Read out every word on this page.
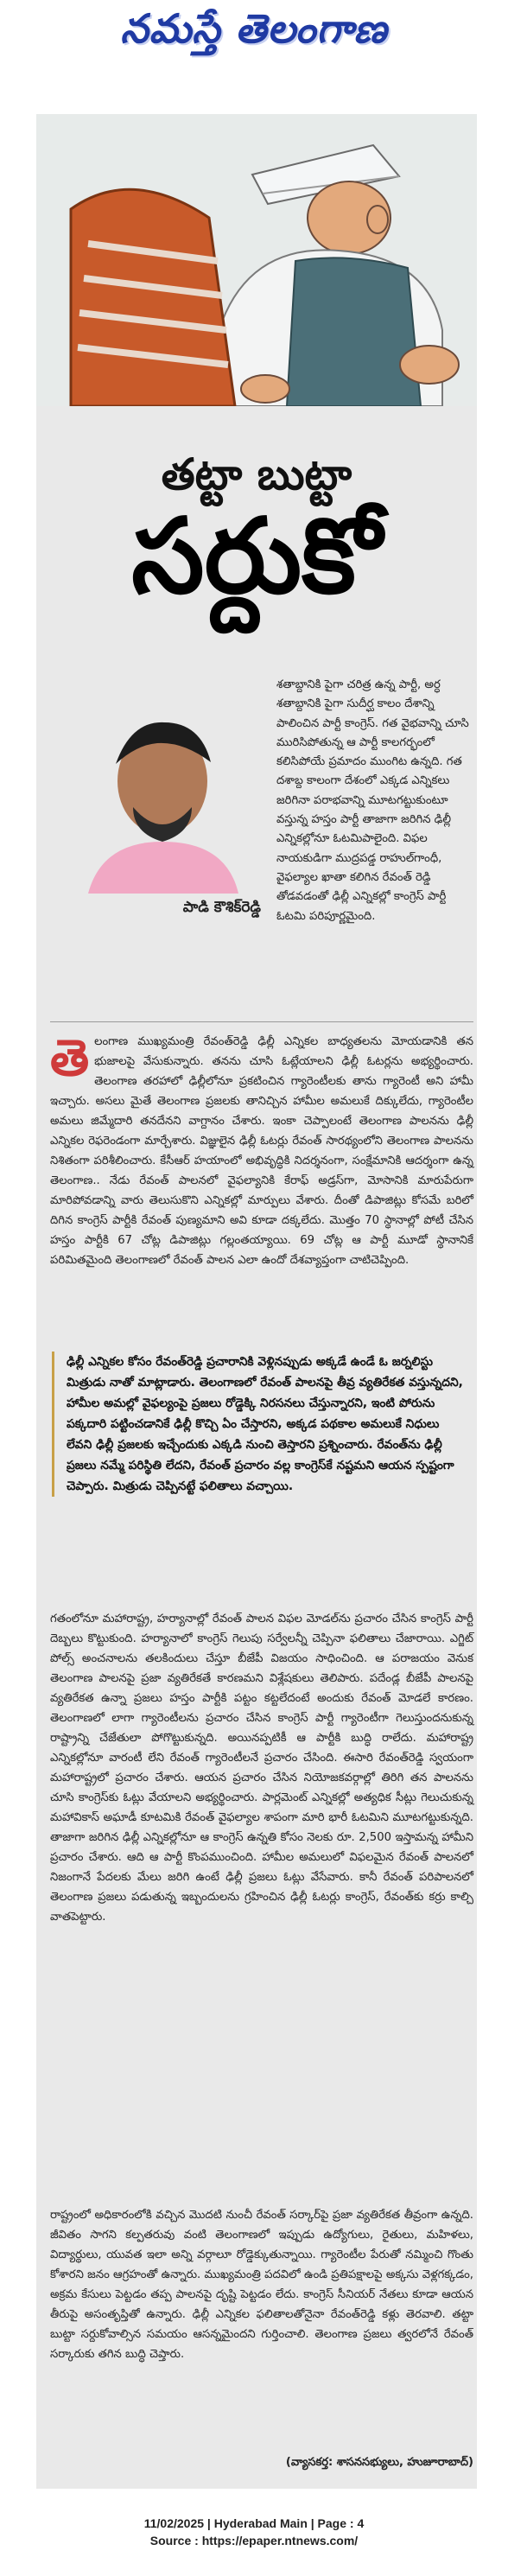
నమస్తే తెలంగాణ
తట్టా బుట్టా
సర్దుకో

శతాబ్దానికి పైగా చరిత్ర ఉన్న పార్టీ, అర్ధ శతాబ్దానికి పైగా సుదీర్ఘ కాలం దేశాన్ని పాలించిన పార్టీ కాంగ్రెస్. గత వైభవాన్ని చూసి మురిసిపోతున్న ఆ పార్టీ కాలగర్భంలో కలిసిపోయే ప్రమాదం ముంగిట ఉన్నది. గత దశాబ్ద కాలంగా దేశంలో ఎక్కడ ఎన్నికలు జరిగినా పరాభవాన్ని మూటగట్టుకుంటూ వస్తున్న హస్తం పార్టీ తాజాగా జరిగిన ఢిల్లీ ఎన్నికల్లోనూ ఓటమిపాలైంది. విఫల నాయకుడిగా ముద్రపడ్డ రాహుల్‌గాంధీ, వైఫల్యాల ఖాతా కలిగిన రేవంత్ రెడ్డి తోడవడంతో ఢిల్లీ ఎన్నికల్లో కాంగ్రెస్ పార్టీ ఓటమి పరిపూర్ణమైంది.

పాడి కౌశిక్‌రెడ్డి
తె లంగాణ ముఖ్యమంత్రి రేవంత్‌రెడ్డి ఢిల్లీ ఎన్నికల బాధ్యతలను మోయడానికి తన భుజాలపై వేసుకున్నారు. తనను చూసి ఓట్లేయాలని ఢిల్లీ ఓటర్లను అభ్యర్థించారు. తెలంగాణ తరహాలో ఢిల్లీలోనూ ప్రకటించిన గ్యారెంటీలకు తాను గ్యారెంటీ అని హామీ ఇచ్చారు. అసలు మైతే తెలంగాణ ప్రజలకు తానిచ్చిన హామీల అమలుకే దిక్కులేదు, గ్యారెంటీల అమలు జిమ్మేదారి తనదేనని వాగ్దానం చేశారు. ఇంకా చెప్పాలంటే తెలంగాణ పాలనను ఢిల్లీ ఎన్నికల రెఫరెండంగా మార్చేశారు. విజ్ఞులైన ఢిల్లీ ఓటర్లు రేవంత్ సారథ్యంలోని తెలంగాణ పాలనను నిశితంగా పరిశీలించారు. కేసీఆర్ హయాంలో అభివృద్ధికి నిదర్శనంగా, సంక్షేమానికి ఆదర్శంగా ఉన్న తెలంగాణ.. నేడు రేవంత్ పాలనలో వైఫల్యానికి కేరాఫ్ అడ్రస్‌గా, మోసానికి మారుపేరుగా మారిపోవడాన్ని వారు తెలుసుకొని ఎన్నికల్లో మార్పులు వేశారు. దీంతో డిపాజిట్లు కోసమే బరిలో దిగిన కాంగ్రెస్ పార్టీకి రేవంత్ పుణ్యమాని అవి కూడా దక్కలేదు. మొత్తం 70 స్థానాల్లో పోటీ చేసిన హస్తం పార్టీకి 67 చోట్ల డిపాజిట్లు గల్లంతయ్యాయి. 69 చోట్ల ఆ పార్టీ మూడో స్థానానికే పరిమితమైంది తెలంగాణలో రేవంత్ పాలన ఎలా ఉందో దేశవ్యాప్తంగా చాటిచెప్పింది.

ఢిల్లీ ఎన్నికల కోసం రేవంత్‌రెడ్డి ప్రచారానికి వెళ్లినప్పుడు అక్కడే ఉండే ఓ జర్నలిస్టు మిత్రుడు నాతో మాట్లాడారు. తెలంగాణలో రేవంత్ పాలనపై తీవ్ర వ్యతిరేకత వస్తున్నదని, హామీల అమల్లో వైఫల్యంపై ప్రజలు రోడ్డెక్కి నిరసనలు చేస్తున్నారని, ఇంటి పోరును పక్కదారి పట్టించడానికే ఢిల్లీ కొచ్చి ఏం చేస్తారని, అక్కడ పథకాల అమలుకే నిధులు లేవని ఢిల్లీ ప్రజలకు ఇచ్చేందుకు ఎక్కడి నుంచి తెస్తారని ప్రశ్నించారు. రేవంత్‌ను ఢిల్లీ ప్రజలు నమ్మే పరిస్థితి లేదని, రేవంత్ ప్రచారం వల్ల కాంగ్రెస్‌కే నష్టమని ఆయన స్పష్టంగా చెప్పారు. మిత్రుడు చెప్పినట్టే ఫలితాలు వచ్చాయి.

గతంలోనూ మహారాష్ట్ర, హర్యానాల్లో రేవంత్ పాలన విఫల మోడల్‌ను ప్రచారం చేసిన కాంగ్రెస్ పార్టీ దెబ్బలు కొట్టుకుంది. హర్యానాలో కాంగ్రెస్ గెలుపు సర్వేలన్నీ చెప్పినా ఫలితాలు చేజారాయి. ఎగ్జిట్ పోల్స్ అంచనాలను తలకిందులు చేస్తూ బీజేపీ విజయం సాధించింది. ఆ పరాజయం వెనుక తెలంగాణ పాలనపై ప్రజా వ్యతిరేకతే కారణమని విశ్లేషకులు తెలిపారు. పదేండ్ల బీజేపీ పాలనపై వ్యతిరేకత ఉన్నా ప్రజలు హస్తం పార్టీకి పట్టం కట్టలేదంటే అందుకు రేవంత్ మోడలే కారణం. తెలంగాణలో లాగా గ్యారెంటీలను ప్రచారం చేసిన కాంగ్రెస్ పార్టీ గ్యారెంటీగా గెలుస్తుందనుకున్న రాష్ట్రాన్ని చేజేతులా పోగొట్టుకున్నది. అయినప్పటికీ ఆ పార్టీకి బుద్ధి రాలేదు. మహారాష్ట్ర ఎన్నికల్లోనూ వారంటీ లేని రేవంత్ గ్యారెంటీలనే ప్రచారం చేసింది. ఈసారి రేవంత్‌రెడ్డి స్వయంగా మహారాష్ట్రలో ప్రచారం చేశారు. ఆయన ప్రచారం చేసిన నియోజకవర్గాల్లో తిరిగి తన పాలనను చూసి కాంగ్రెస్‌కు ఓట్లు వేయాలని అభ్యర్థించారు. పార్లమెంట్ ఎన్నికల్లో అత్యధిక సీట్లు గెలుచుకున్న మహావికాస్ అఘాడీ కూటమికి రేవంత్ వైఫల్యాల శాపంగా మారి భారీ ఓటమిని మూటగట్టుకున్నది. తాజాగా జరిగిన ఢిల్లీ ఎన్నికల్లోనూ ఆ కాంగ్రెస్ ఉన్నతి కోసం నెలకు రూ. 2,500 ఇస్తామన్న హామీని ప్రచారం చేశారు. ఆది ఆ పార్టీ కొంపముంచింది. హామీల అమలులో విఫలమైన రేవంత్ పాలనలో నిజంగానే పేదలకు మేలు జరిగి ఉంటే ఢిల్లీ ప్రజలు ఓట్లు వేసేవారు. కానీ రేవంత్ పరిపాలనలో తెలంగాణ ప్రజలు పడుతున్న ఇబ్బందులను గ్రహించిన ఢిల్లీ ఓటర్లు కాంగ్రెస్, రేవంత్‌కు కర్రు కాల్చి వాతపెట్టారు.

రాష్ట్రంలో అధికారంలోకి వచ్చిన మొదటి నుంచీ రేవంత్ సర్కార్‌పై ప్రజా వ్యతిరేకత తీవ్రంగా ఉన్నది. జీవితం సాగని కల్పతరువు వంటి తెలంగాణలో ఇప్పుడు ఉద్యోగులు, రైతులు, మహిళలు, విద్యార్థులు, యువత ఇలా అన్ని వర్గాలూ రోడ్డెక్కుతున్నాయి. గ్యారెంటీల పేరుతో నమ్మించి గొంతు కోశారని జనం ఆగ్రహంతో ఉన్నారు. ముఖ్యమంత్రి పదవిలో ఉండి ప్రతిపక్షాలపై అక్కసు వెళ్లగక్కడం, అక్రమ కేసులు పెట్టడం తప్ప పాలనపై దృష్టి పెట్టడం లేదు. కాంగ్రెస్ సీనియర్ నేతలు కూడా ఆయన తీరుపై అసంతృప్తితో ఉన్నారు. ఢిల్లీ ఎన్నికల ఫలితాలతోనైనా రేవంత్‌రెడ్డి కళ్లు తెరవాలి. తట్టా బుట్టా సర్దుకోవాల్సిన సమయం ఆసన్నమైందని గుర్తించాలి. తెలంగాణ ప్రజలు త్వరలోనే రేవంత్ సర్కారుకు తగిన బుద్ధి చెప్తారు.

(వ్యాసకర్త: శాసనసభ్యులు, హుజూరాబాద్)
11/02/2025 | Hyderabad Main | Page : 4
Source : https://epaper.ntnews.com/
